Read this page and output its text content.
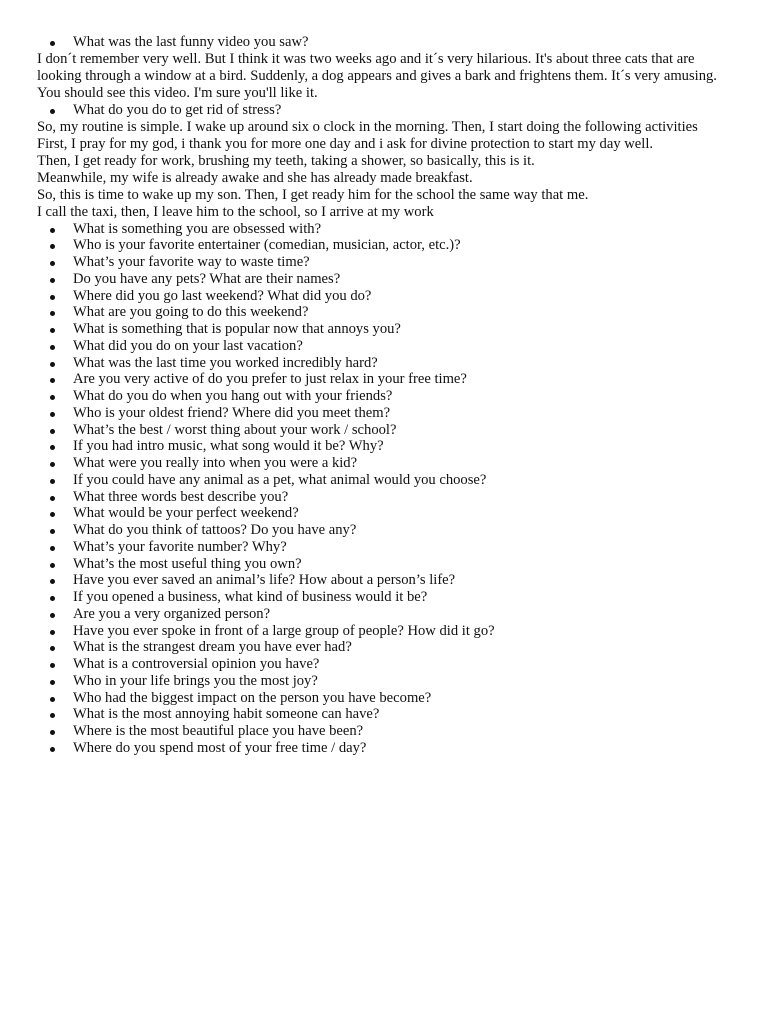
What was the last funny video you saw?

I don´t remember very well. But I think it was two weeks ago and it´s very hilarious. It's about three cats that are looking through a window at a bird. Suddenly, a dog appears and gives a bark and frightens them. It´s very amusing. You should see this video. I'm sure you'll like it.

What do you do to get rid of stress?

So, my routine is simple. I wake up around six o clock in the morning. Then, I start doing the following activities

First, I pray for my god, i thank you for more one day and i ask for divine protection to start my day well.

Then, I get ready for work, brushing my teeth, taking a shower, so basically, this is it.

Meanwhile, my wife is already awake and she has already made breakfast.

So, this is time to wake up my son. Then, I get ready him for the school the same way that me.

I call the taxi, then, I leave him to the school, so I arrive at my work

What is something you are obsessed with?
Who is your favorite entertainer (comedian, musician, actor, etc.)?
What’s your favorite way to waste time?
Do you have any pets? What are their names?
Where did you go last weekend? What did you do?
What are you going to do this weekend?
What is something that is popular now that annoys you?
What did you do on your last vacation?
What was the last time you worked incredibly hard?
Are you very active of do you prefer to just relax in your free time?
What do you do when you hang out with your friends?
Who is your oldest friend? Where did you meet them?
What’s the best / worst thing about your work / school?
If you had intro music, what song would it be? Why?
What were you really into when you were a kid?
If you could have any animal as a pet, what animal would you choose?
What three words best describe you?
What would be your perfect weekend?
What do you think of tattoos? Do you have any?
What’s your favorite number? Why?
What’s the most useful thing you own?
Have you ever saved an animal’s life? How about a person’s life?
If you opened a business, what kind of business would it be?
Are you a very organized person?
Have you ever spoke in front of a large group of people? How did it go?
What is the strangest dream you have ever had?
What is a controversial opinion you have?
Who in your life brings you the most joy?
Who had the biggest impact on the person you have become?
What is the most annoying habit someone can have?
Where is the most beautiful place you have been?
Where do you spend most of your free time / day?
